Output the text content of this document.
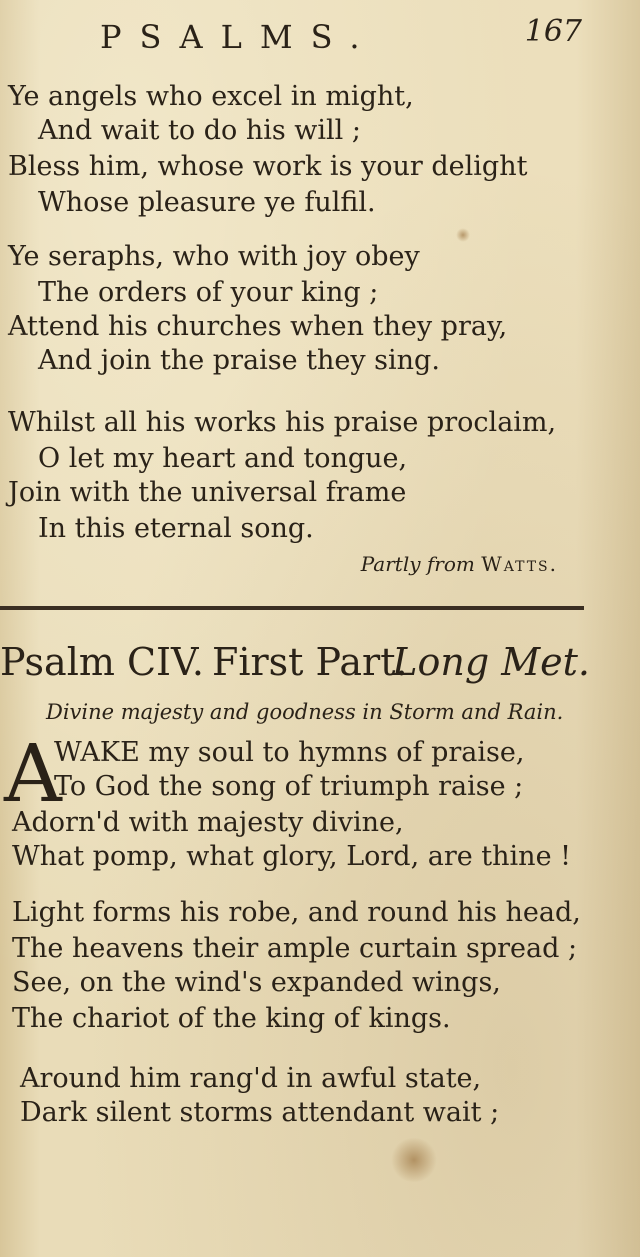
PSALMS.	167
Ye angels who excel in might,
And wait to do his will ;
Bless him, whose work is your delight
Whose pleasure ye fulfil.
Ye seraphs, who with joy obey
The orders of your king ;
Attend his churches when they pray,
And join the praise they sing.
Whilst all his works his praise proclaim,
O let my heart and tongue,
Join with the universal frame
In this eternal song.
Partly from Watts.
Psalm CIV. First Part.
Long Met.
Divine majesty and goodness in Storm and Rain.
A
WAKE my soul to hymns of praise,
To God the song of triumph raise ;
Adorn'd with majesty divine,
What pomp, what glory, Lord, are thine !
Light forms his robe, and round his head,
The heavens their ample curtain spread ;
See, on the wind's expanded wings,
The chariot of the king of kings.
Around him rang'd in awful state,
Dark silent storms attendant wait ;
